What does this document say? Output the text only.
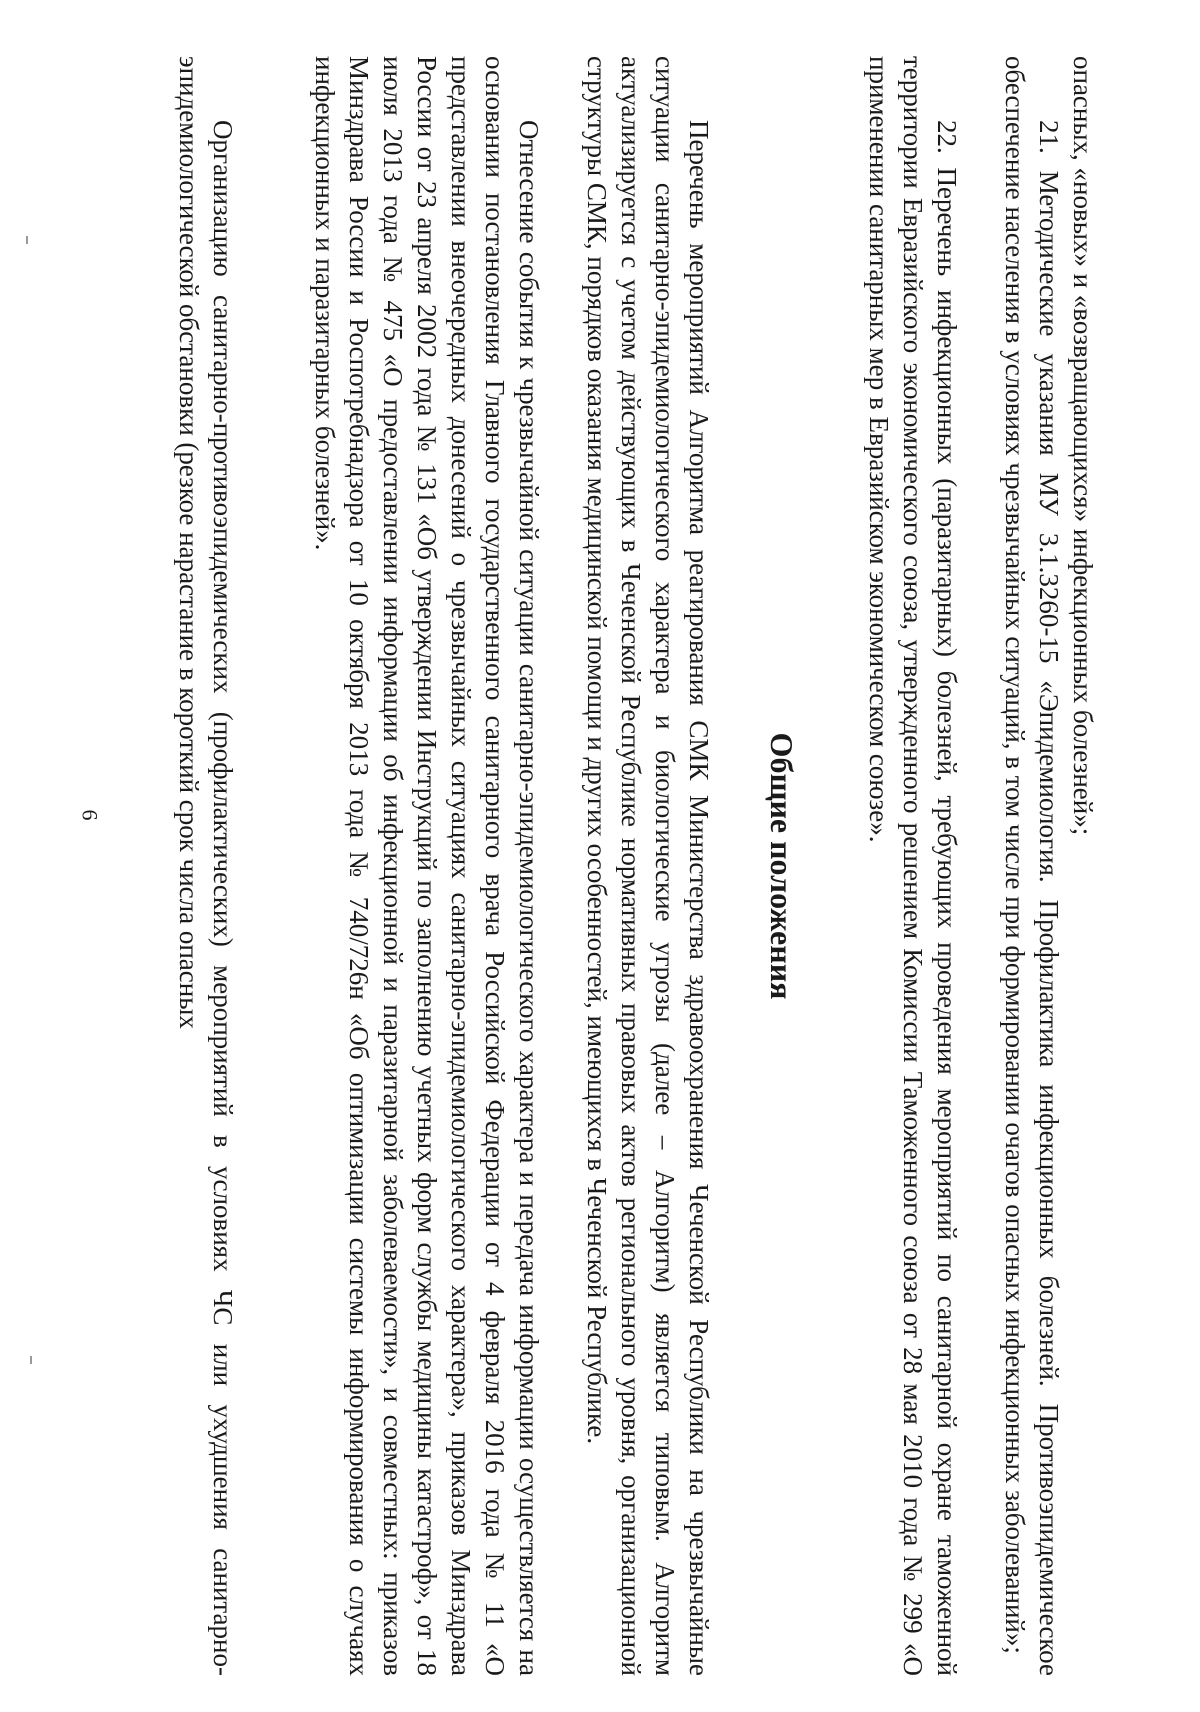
6	опасных, «новых» и «возвращающихся» инфекционных болезней»;
21. Методические указания МУ 3.1.3260-15 «Эпидемиология. Профилактика инфекционных болезней. Противоэпидемическое обеспечение населения в условиях чрезвычайных ситуаций, в том числе при формировании очагов опасных инфекционных заболеваний»;
22. Перечень инфекционных (паразитарных) болезней, требующих проведения мероприятий по санитарной охране таможенной территории Евразийского экономического союза, утвержденного решением Комиссии Таможенного союза от 28 мая 2010 года № 299 «О применении санитарных мер в Евразийском экономическом союзе».
Общие положения
Перечень мероприятий Алгоритма реагирования СМК Министерства здравоохранения Чеченской Республики на чрезвычайные ситуации санитарно-эпидемиологического характера и биологические угрозы (далее – Алгоритм) является типовым. Алгоритм актуализируется с учетом действующих в Чеченской Республике нормативных правовых актов регионального уровня, организационной структуры СМК, порядков оказания медицинской помощи и других особенностей, имеющихся в Чеченской Республике.
Отнесение события к чрезвычайной ситуации санитарно-эпидемиологического характера и передача информации осуществляется на основании постановления Главного государственного санитарного врача Российской Федерации от 4 февраля 2016 года № 11 «О представлении внеочередных донесений о чрезвычайных ситуациях санитарно-эпидемиологического характера», приказов Минздрава России от 23 апреля 2002 года № 131 «Об утверждении Инструкций по заполнению учетных форм службы медицины катастроф», от 18 июля 2013 года № 475 «О предоставлении информации об инфекционной и паразитарной заболеваемости», и совместных: приказов Минздрава России и Роспотребнадзора от 10 октября 2013 года № 740/726н «Об оптимизации системы информирования о случаях инфекционных и паразитарных болезней».
Организацию санитарно-противоэпидемических (профилактических) мероприятий в условиях ЧС или ухудшения санитарно-эпидемиологической обстановки (резкое нарастание в короткий срок числа опасных
